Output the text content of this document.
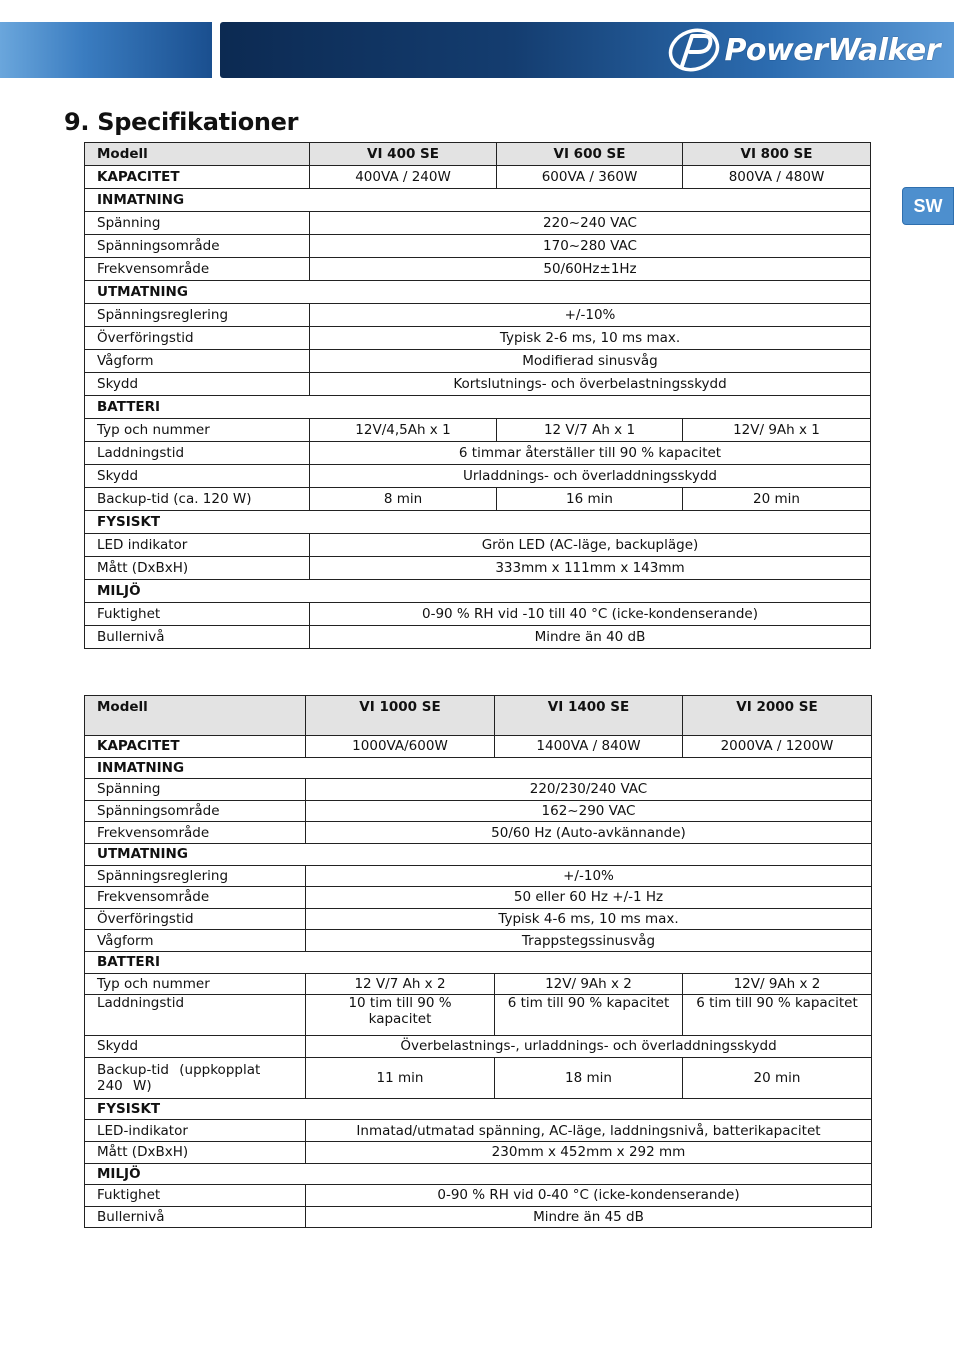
PowerWalker
9. Specifikationer
SW
Modell	VI 400 SE	VI 600 SE	VI 800 SE
KAPACITET	400VA / 240W	600VA / 360W	800VA / 480W
INMATNING			
Spänning	220~240 VAC		
Spänningsområde	170~280 VAC		
Frekvensområde	50/60Hz±1Hz		
UTMATNING			
Spänningsreglering	+/-10%		
Överföringstid	Typisk 2-6 ms, 10 ms max.		
Vågform	Modifierad sinusvåg		
Skydd	Kortslutnings- och överbelastningsskydd		
BATTERI			
Typ och nummer	12V/4,5Ah x 1	12 V/7 Ah x 1	12V/ 9Ah x 1
Laddningstid	6 timmar återställer till 90 % kapacitet		
Skydd	Urladdnings- och överladdningsskydd		
Backup-tid (ca. 120 W)	8 min	16 min	20 min
FYSISKT			
LED indikator	Grön LED (AC-läge, backupläge)		
Mått (DxBxH)	333mm x 111mm x 143mm		
MILJÖ			
Fuktighet	0-90 % RH vid -10 till 40 °C (icke-kondenserande)		
Bullernivå	Mindre än 40 dB		
Modell	VI 1000 SE	VI 1400 SE	VI 2000 SE
KAPACITET	1000VA/600W	1400VA / 840W	2000VA / 1200W
INMATNING			
Spänning	220/230/240 VAC		
Spänningsområde	162~290 VAC		
Frekvensområde	50/60 Hz (Auto-avkännande)		
UTMATNING			
Spänningsreglering	+/-10%		
Frekvensområde	50 eller 60 Hz +/-1 Hz		
Överföringstid	Typisk 4-6 ms, 10 ms max.		
Vågform	Trappstegssinusvåg		
BATTERI			
Typ och nummer	12 V/7 Ah x 2	12V/ 9Ah x 2	12V/ 9Ah x 2
Laddningstid	10 tim till 90 % kapacitet	6 tim till 90 % kapacitet	6 tim till 90 % kapacitet
Skydd	Överbelastnings-, urladdnings- och överladdningsskydd		
Backup-tid (uppkopplat 240 W)	11 min	18 min	20 min
FYSISKT			
LED-indikator	Inmatad/utmatad spänning, AC-läge, laddningsnivå, batterikapacitet		
Mått (DxBxH)	230mm x 452mm x 292 mm		
MILJÖ			
Fuktighet	0-90 % RH vid 0-40 °C (icke-kondenserande)		
Bullernivå	Mindre än 45 dB		
